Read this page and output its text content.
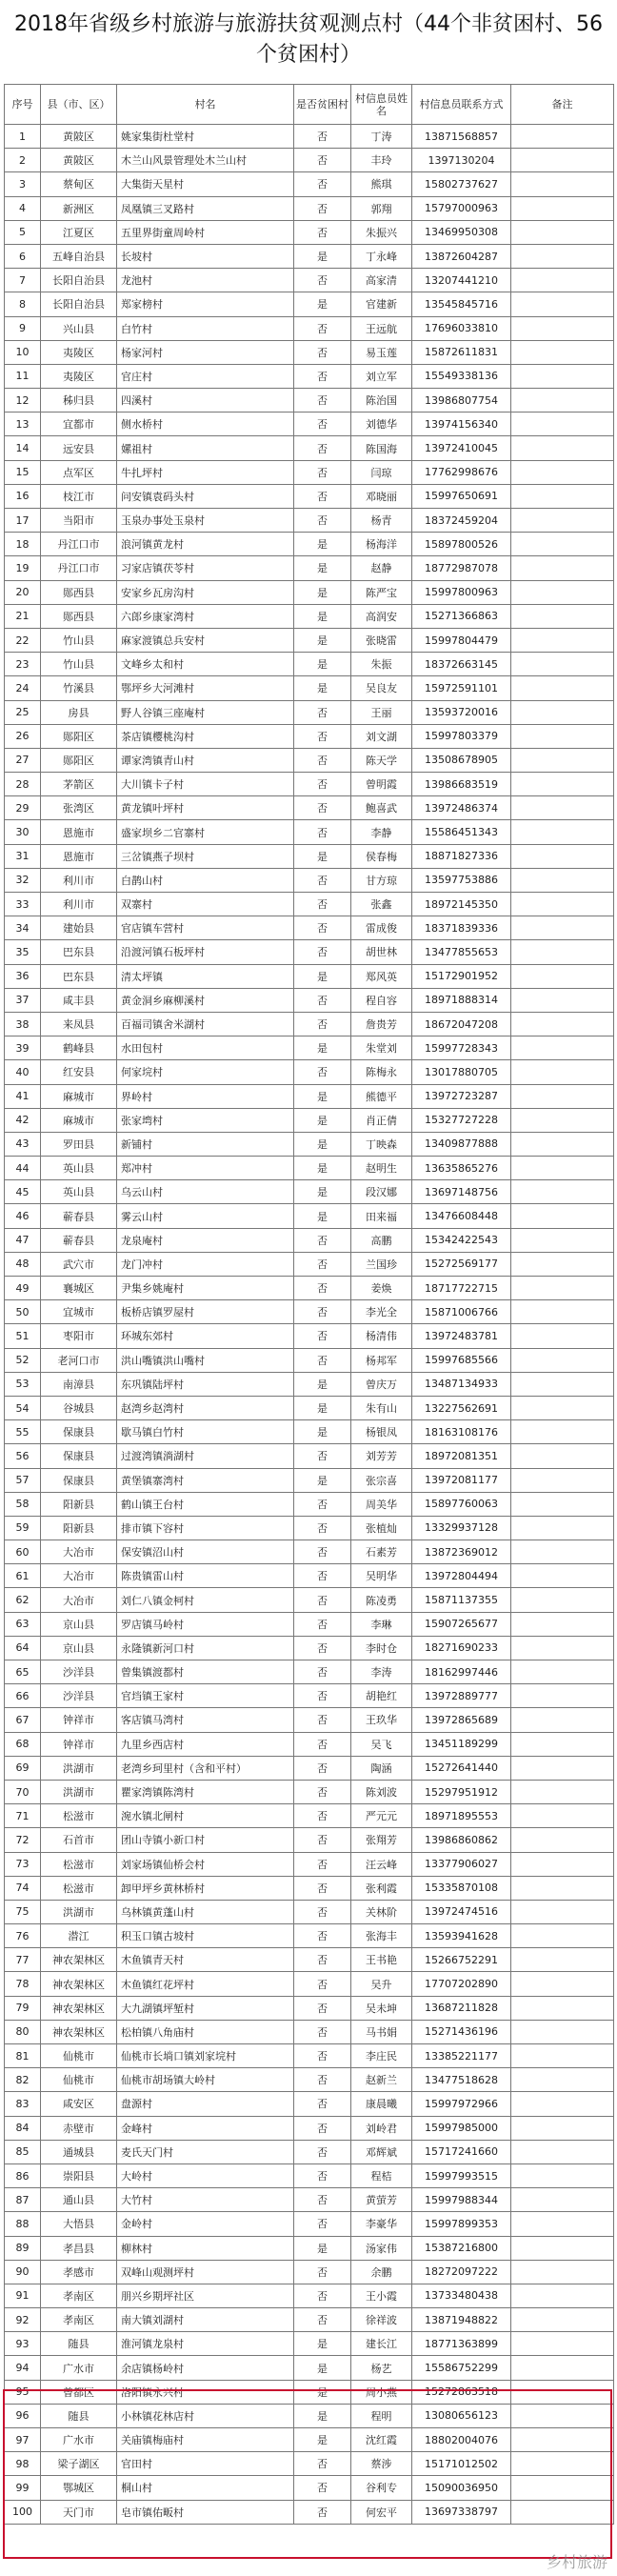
2018年省级乡村旅游与旅游扶贫观测点村（44个非贫困村、56个贫困村）
序号	县（市、区）	村名	是否贫困村	村信息员姓名	村信息员联系方式	备注
1	黄陂区	姚家集街杜堂村	否	丁涛	13871568857	
2	黄陂区	木兰山风景管理处木兰山村	否	丰玲	1397130204	
3	蔡甸区	大集街天星村	否	熊琪	15802737627	
4	新洲区	凤凰镇三叉路村	否	郭翔	15797000963	
5	江夏区	五里界街童周岭村	否	朱振兴	13469950308	
6	五峰自治县	长坡村	是	丁永峰	13872604287	
7	长阳自治县	龙池村	否	高家清	13207441210	
8	长阳自治县	郑家榜村	是	官建新	13545845716	
9	兴山县	白竹村	否	王远航	17696033810	
10	夷陵区	杨家河村	否	易玉莲	15872611831	
11	夷陵区	官庄村	否	刘立军	15549338136	
12	秭归县	四溪村	否	陈治国	13986807754	
13	宜都市	侧水桥村	否	刘德华	13974156340	
14	远安县	嫘祖村	否	陈国海	13972410045	
15	点军区	牛扎坪村	否	闫琼	17762998676	
16	枝江市	问安镇袁码头村	否	邓晓丽	15997650691	
17	当阳市	玉泉办事处玉泉村	否	杨青	18372459204	
18	丹江口市	浪河镇黄龙村	是	杨海洋	15897800526	
19	丹江口市	习家店镇茯苓村	是	赵静	18772987078	
20	郧西县	安家乡瓦房沟村	是	陈严宝	15997800963	
21	郧西县	六郎乡康家湾村	是	高润安	15271366863	
22	竹山县	麻家渡镇总兵安村	是	张晓雷	15997804479	
23	竹山县	文峰乡太和村	是	朱振	18372663145	
24	竹溪县	鄂坪乡大河滩村	是	吴良友	15972591101	
25	房县	野人谷镇三座庵村	否	王丽	13593720016	
26	郧阳区	茶店镇樱桃沟村	否	刘文湖	15997803379	
27	郧阳区	谭家湾镇青山村	否	陈天学	13508678905	
28	茅箭区	大川镇卡子村	否	曾明霞	13986683519	
29	张湾区	黄龙镇叶坪村	否	鲍喜武	13972486374	
30	恩施市	盛家坝乡二官寨村	否	李静	15586451343	
31	恩施市	三岔镇燕子坝村	是	侯春梅	18871827336	
32	利川市	白鹊山村	否	甘方琼	13597753886	
33	利川市	双寨村	否	张鑫	18972145350	
34	建始县	官店镇车营村	否	雷成俊	18371839336	
35	巴东县	沿渡河镇石板坪村	否	胡世林	13477855653	
36	巴东县	清太坪镇	是	郑风英	15172901952	
37	咸丰县	黄金洞乡麻柳溪村	否	程自容	18971888314	
38	来凤县	百福司镇舍米湖村	否	詹贵芳	18672047208	
39	鹤峰县	水田包村	是	朱堂刘	15997728343	
40	红安县	何家垸村	否	陈梅永	13017880705	
41	麻城市	界岭村	是	熊德平	13972723287	
42	麻城市	张家塆村	是	肖正倩	15327727228	
43	罗田县	新铺村	是	丁映森	13409877888	
44	英山县	郑冲村	是	赵明生	13635865276	
45	英山县	乌云山村	是	段汉娜	13697148756	
46	蕲春县	雾云山村	是	田来福	13476608448	
47	蕲春县	龙泉庵村	否	高鹏	15342422543	
48	武穴市	龙门冲村	否	兰国珍	15272569177	
49	襄城区	尹集乡姚庵村	否	姜焕	18717722715	
50	宜城市	板桥店镇罗屋村	否	李光全	15871006766	
51	枣阳市	环城东郊村	否	杨清伟	13972483781	
52	老河口市	洪山嘴镇洪山嘴村	否	杨邦军	15997685566	
53	南漳县	东巩镇陆坪村	是	曾庆万	13487134933	
54	谷城县	赵湾乡赵湾村	是	朱有山	13227562691	
55	保康县	歇马镇白竹村	是	杨银凤	18163108176	
56	保康县	过渡湾镇淌湖村	否	刘芳芳	18972081351	
57	保康县	黄堡镇寨湾村	是	张宗喜	13972081177	
58	阳新县	鹤山镇王台村	否	周美华	15897760063	
59	阳新县	排市镇下容村	否	张植灿	13329937128	
60	大冶市	保安镇沼山村	否	石素芳	13872369012	
61	大冶市	陈贵镇雷山村	否	吴明华	13972804494	
62	大冶市	刘仁八镇金柯村	否	陈凌勇	15871137355	
63	京山县	罗店镇马岭村	否	李琳	15907265677	
64	京山县	永隆镇新河口村	否	李时仓	18271690233	
65	沙洋县	曾集镇渡都村	否	李涛	18162997446	
66	沙洋县	官垱镇王家村	否	胡艳红	13972889777	
67	钟祥市	客店镇马湾村	否	王玖华	13972865689	
68	钟祥市	九里乡西店村	否	吴飞	13451189299	
69	洪湖市	老湾乡珂里村（含和平村）	否	陶涵	15272641440	
70	洪湖市	瞿家湾镇陈湾村	否	陈刘波	15297951912	
71	松滋市	涴水镇北闸村	否	严元元	18971895553	
72	石首市	团山寺镇小新口村	否	张翔芳	13986860862	
73	松滋市	刘家场镇仙桥会村	否	汪云峰	13377906027	
74	松滋市	卸甲坪乡黄林桥村	否	张利霞	15335870108	
75	洪湖市	乌林镇黄蓬山村	否	关林阶	13972474516	
76	潜江	积玉口镇古坡村	否	张海丰	13593941628	
77	神农架林区	木鱼镇青天村	否	王书艳	15266752291	
78	神农架林区	木鱼镇红花坪村	否	吴升	17707202890	
79	神农架林区	大九湖镇坪堑村	否	吴未坤	13687211828	
80	神农架林区	松柏镇八角庙村	否	马书娟	15271436196	
81	仙桃市	仙桃市长埫口镇刘家垸村	否	李庄民	13385221177	
82	仙桃市	仙桃市胡场镇大岭村	否	赵新兰	13477518628	
83	咸安区	盘源村	否	康晨曦	15997972966	
84	赤壁市	金峰村	否	刘岭君	15997985000	
85	通城县	麦氏天门村	否	邓辉斌	15717241660	
86	崇阳县	大岭村	否	程桔	15997993515	
87	通山县	大竹村	否	黄萤芳	15997988344	
88	大悟县	金岭村	否	李豪华	15997899353	
89	孝昌县	柳林村	是	汤家伟	15387216800	
90	孝感市	双峰山观测坪村	否	余鹏	18272097222	
91	孝南区	朋兴乡期坪社区	否	王小霞	13733480438	
92	孝南区	南大镇刘湖村	否	徐祥波	13871948822	
93	随县	淮河镇龙泉村	是	建长江	18771363899	
94	广水市	余店镇杨岭村	是	杨艺	15586752299	
95	曾都区	洛阳镇永兴村	是	周小燕	15272863518	
96	随县	小林镇花林店村	是	程明	13080656123	
97	广水市	关庙镇梅庙村	是	沈红霞	18802004076	
98	梁子湖区	官田村	否	蔡涉	15171012502	
99	鄂城区	桐山村	否	谷利专	15090036950	
100	天门市	皂市镇佑畈村	否	何宏平	13697338797	
乡村旅游
